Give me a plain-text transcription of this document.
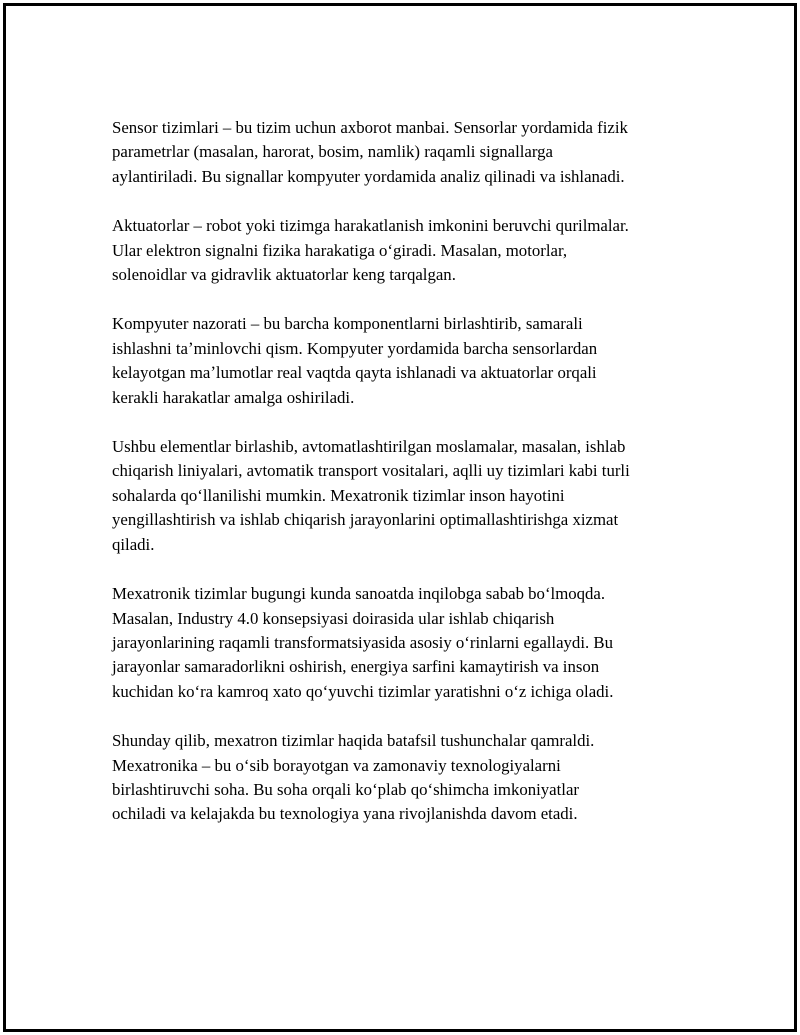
Sensor tizimlari – bu tizim uchun axborot manbai. Sensorlar yordamida fizik
parametrlar (masalan, harorat, bosim, namlik) raqamli signallarga
aylantiriladi. Bu signallar kompyuter yordamida analiz qilinadi va ishlanadi.

Aktuatorlar – robot yoki tizimga harakatlanish imkonini beruvchi qurilmalar.
Ular elektron signalni fizika harakatiga oʻgiradi. Masalan, motorlar,
solenoidlar va gidravlik aktuatorlar keng tarqalgan.

Kompyuter nazorati – bu barcha komponentlarni birlashtirib, samarali
ishlashni taʼminlovchi qism. Kompyuter yordamida barcha sensorlardan
kelayotgan maʼlumotlar real vaqtda qayta ishlanadi va aktuatorlar orqali
kerakli harakatlar amalga oshiriladi.

Ushbu elementlar birlashib, avtomatlashtirilgan moslamalar, masalan, ishlab
chiqarish liniyalari, avtomatik transport vositalari, aqlli uy tizimlari kabi turli
sohalarda qoʻllanilishi mumkin. Mexatronik tizimlar inson hayotini
yengillashtirish va ishlab chiqarish jarayonlarini optimallashtirishga xizmat
qiladi.

Mexatronik tizimlar bugungi kunda sanoatda inqilobga sabab boʻlmoqda.
Masalan, Industry 4.0 konsepsiyasi doirasida ular ishlab chiqarish
jarayonlarining raqamli transformatsiyasida asosiy oʻrinlarni egallaydi. Bu
jarayonlar samaradorlikni oshirish, energiya sarfini kamaytirish va inson
kuchidan koʻra kamroq xato qoʻyuvchi tizimlar yaratishni oʻz ichiga oladi.

Shunday qilib, mexatron tizimlar haqida batafsil tushunchalar qamraldi.
Mexatronika – bu oʻsib borayotgan va zamonaviy texnologiyalarni
birlashtiruvchi soha. Bu soha orqali koʻplab qoʻshimcha imkoniyatlar
ochiladi va kelajakda bu texnologiya yana rivojlanishda davom etadi.
